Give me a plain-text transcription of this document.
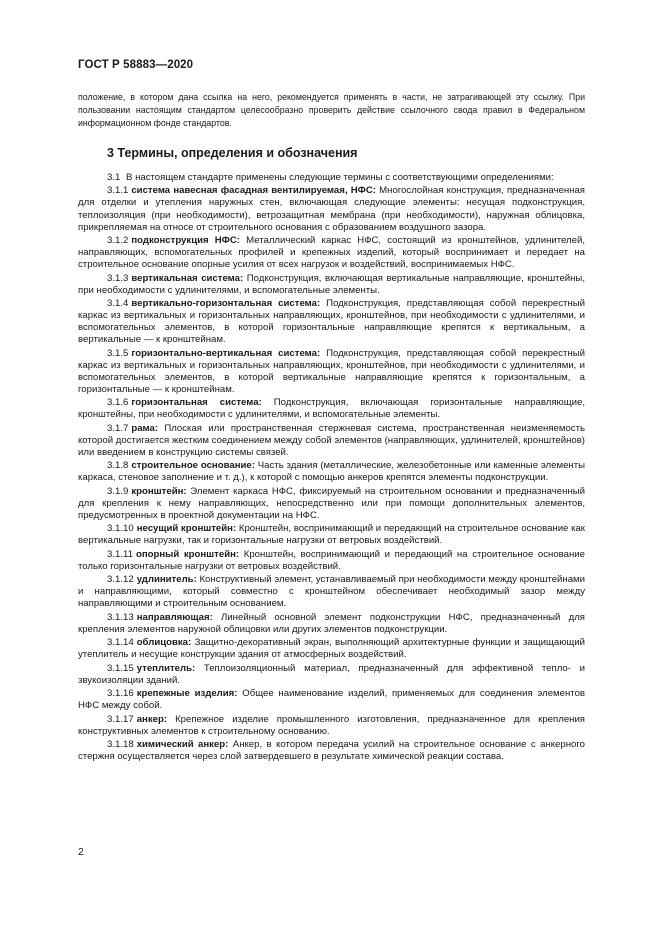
ГОСТ Р 58883—2020
положение, в котором дана ссылка на него, рекомендуется применять в части, не затрагивающей эту ссылку. При пользовании настоящим стандартом целесообразно проверить действие ссылочного свода правил в Федеральном информационном фонде стандартов.
3 Термины, определения и обозначения

3.1 В настоящем стандарте применены следующие термины с соответствующими определениями:

3.1.1 система навесная фасадная вентилируемая, НФС: Многослойная конструкция, предназначенная для отделки и утепления наружных стен, включающая следующие элементы: несущая подконструкция, теплоизоляция (при необходимости), ветрозащитная мембрана (при необходимости), наружная облицовка, прикрепляемая на относе от строительного основания с образованием воздушного зазора.

3.1.2 подконструкция НФС: Металлический каркас НФС, состоящий из кронштейнов, удлинителей, направляющих, вспомогательных профилей и крепежных изделий, который воспринимает и передает на строительное основание опорные усилия от всех нагрузок и воздействий, воспринимаемых НФС.

3.1.3 вертикальная система: Подконструкция, включающая вертикальные направляющие, кронштейны, при необходимости с удлинителями, и вспомогательные элементы.

3.1.4 вертикально-горизонтальная система: Подконструкция, представляющая собой перекрестный каркас из вертикальных и горизонтальных направляющих, кронштейнов, при необходимости с удлинителями, и вспомогательных элементов, в которой горизонтальные направляющие крепятся к вертикальным, а вертикальные — к кронштейнам.

3.1.5 горизонтально-вертикальная система: Подконструкция, представляющая собой перекрестный каркас из вертикальных и горизонтальных направляющих, кронштейнов, при необходимости с удлинителями, и вспомогательных элементов, в которой вертикальные направляющие крепятся к горизонтальным, а горизонтальные — к кронштейнам.

3.1.6 горизонтальная система: Подконструкция, включающая горизонтальные направляющие, кронштейны, при необходимости с удлинителями, и вспомогательные элементы.

3.1.7 рама: Плоская или пространственная стержневая система, пространственная неизменяемость которой достигается жестким соединением между собой элементов (направляющих, удлинителей, кронштейнов) или введением в конструкцию системы связей.

3.1.8 строительное основание: Часть здания (металлические, железобетонные или каменные элементы каркаса, стеновое заполнение и т. д.), к которой с помощью анкеров крепятся элементы подконструкции.

3.1.9 кронштейн: Элемент каркаса НФС, фиксируемый на строительном основании и предназначенный для крепления к нему направляющих, непосредственно или при помощи дополнительных элементов, предусмотренных в проектной документации на НФС.

3.1.10 несущий кронштейн: Кронштейн, воспринимающий и передающий на строительное основание как вертикальные нагрузки, так и горизонтальные нагрузки от ветровых воздействий.

3.1.11 опорный кронштейн: Кронштейн, воспринимающий и передающий на строительное основание только горизонтальные нагрузки от ветровых воздействий.

3.1.12 удлинитель: Конструктивный элемент, устанавливаемый при необходимости между кронштейнами и направляющими, который совместно с кронштейном обеспечивает необходимый зазор между направляющими и строительным основанием.

3.1.13 направляющая: Линейный основной элемент подконструкции НФС, предназначенный для крепления элементов наружной облицовки или других элементов подконструкции.

3.1.14 облицовка: Защитно-декоративный экран, выполняющий архитектурные функции и защищающий утеплитель и несущие конструкции здания от атмосферных воздействий.

3.1.15 утеплитель: Теплоизоляционный материал, предназначенный для эффективной тепло- и звукоизоляции зданий.

3.1.16 крепежные изделия: Общее наименование изделий, применяемых для соединения элементов НФС между собой.

3.1.17 анкер: Крепежное изделие промышленного изготовления, предназначенное для крепления конструктивных элементов к строительному основанию.

3.1.18 химический анкер: Анкер, в котором передача усилий на строительное основание с анкерного стержня осуществляется через слой затвердевшего в результате химической реакции состава.

2
